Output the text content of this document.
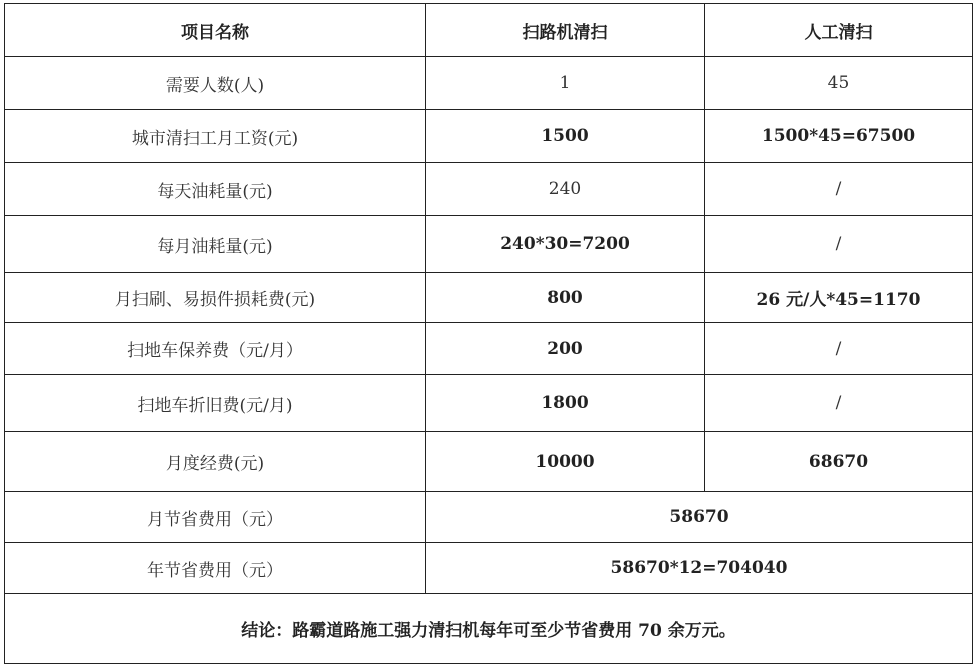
项目名称	扫路机清扫	人工清扫
需要人数(人)	1	45
城市清扫工月工资(元)	1500	1500*45=67500
每天油耗量(元)	240	/
每月油耗量(元)	240*30=7200	/
月扫刷、易损件损耗费(元)	800	26 元/人*45=1170
扫地车保养费（元/月）	200	/
扫地车折旧费(元/月)	1800	/
月度经费(元)	10000	68670
月节省费用（元）	58670	
年节省费用（元）	58670*12=704040	
结论：路霸道路施工强力清扫机每年可至少节省费用 70 余万元。		
